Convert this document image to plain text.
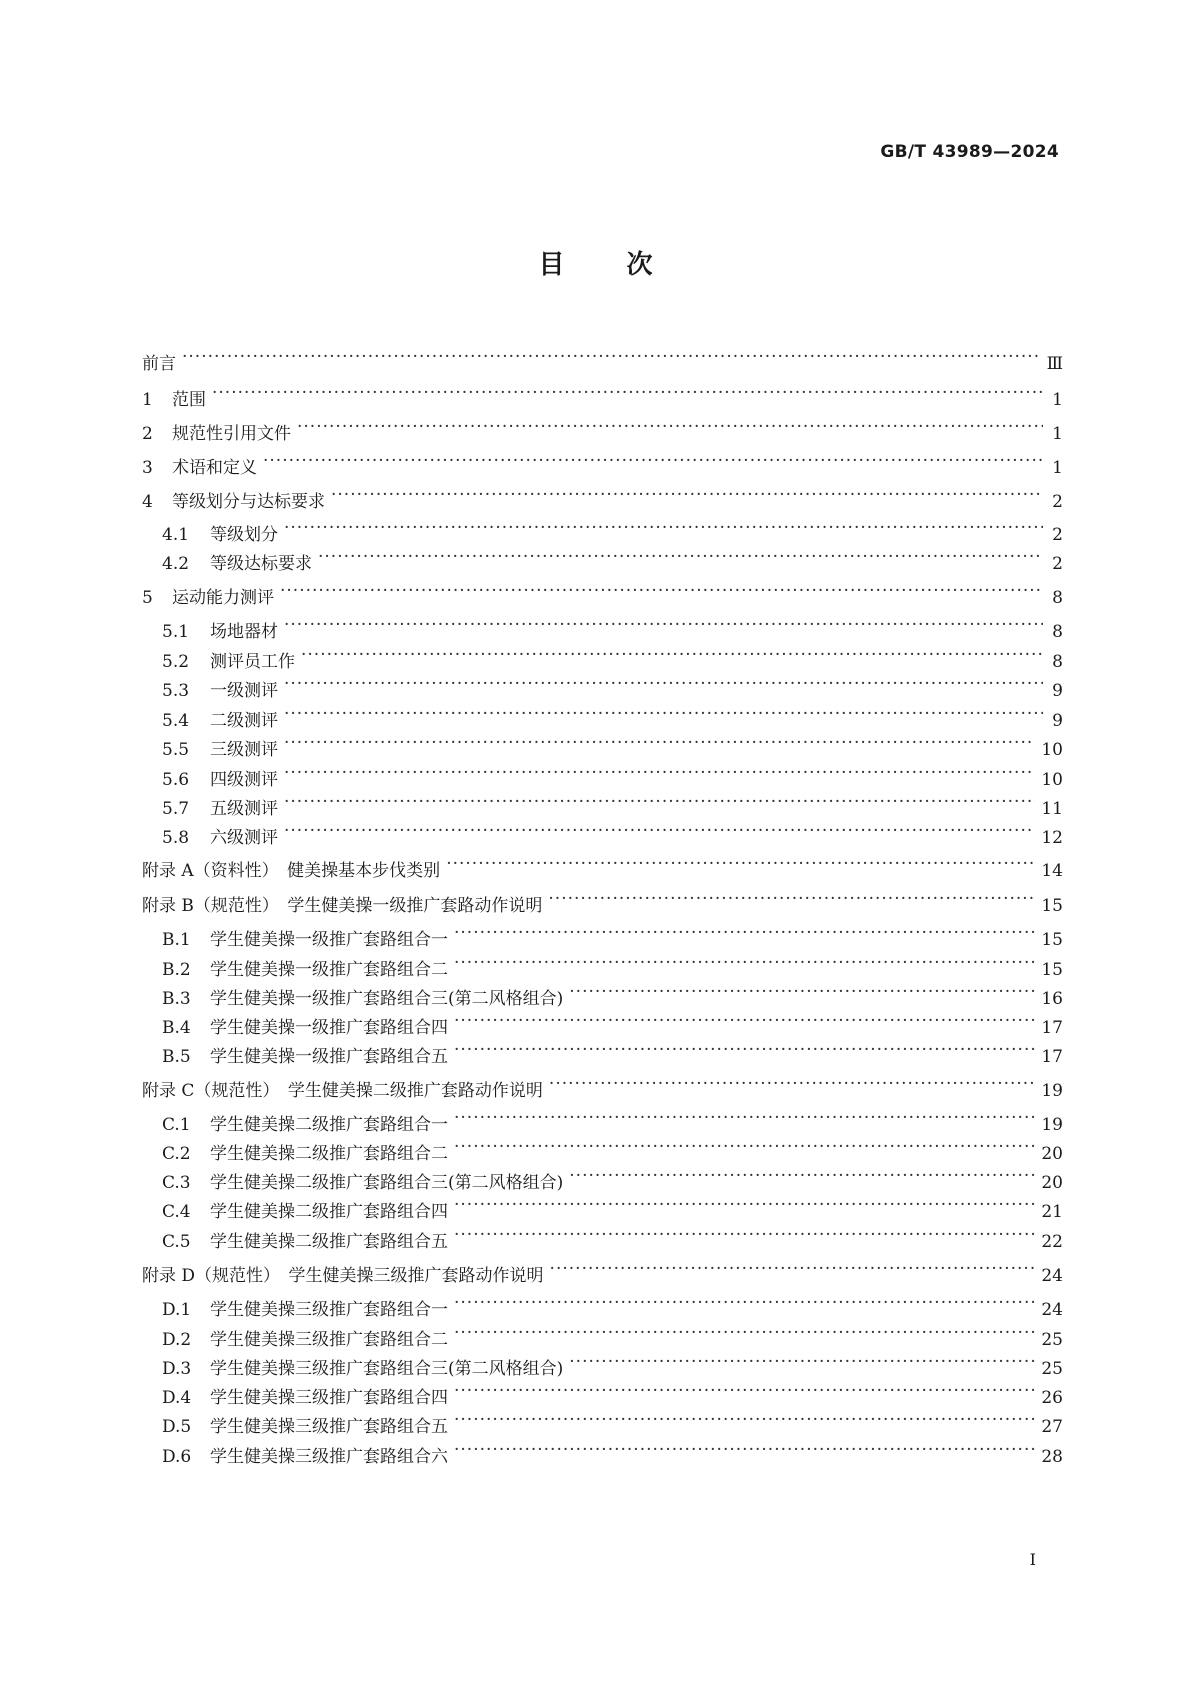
GB/T 43989—2024
目次
前言 ·····	Ⅲ
1	范围 ·····	1
2	规范性引用文件 ·····	1
3	术语和定义 ·····	1
4	等级划分与达标要求 ·····	2
4.1	等级划分 ·····	2
4.2	等级达标要求 ·····	2
5	运动能力测评 ·····	8
5.1	场地器材 ·····	8
5.2	测评员工作 ·····	8
5.3	一级测评 ·····	9
5.4	二级测评 ·····	9
5.5	三级测评 ·····	10
5.6	四级测评 ·····	10
5.7	五级测评 ·····	11
5.8	六级测评 ·····	12
附录 A（资料性）　健美操基本步伐类别 ·····	14
附录 B（规范性）　学生健美操一级推广套路动作说明 ·····	15
B.1	学生健美操一级推广套路组合一 ·····	15
B.2	学生健美操一级推广套路组合二 ·····	15
B.3	学生健美操一级推广套路组合三(第二风格组合) ·····	16
B.4	学生健美操一级推广套路组合四 ·····	17
B.5	学生健美操一级推广套路组合五 ·····	17
附录 C（规范性）　学生健美操二级推广套路动作说明 ·····	19
C.1	学生健美操二级推广套路组合一 ·····	19
C.2	学生健美操二级推广套路组合二 ·····	20
C.3	学生健美操二级推广套路组合三(第二风格组合) ·····	20
C.4	学生健美操二级推广套路组合四 ·····	21
C.5	学生健美操二级推广套路组合五 ·····	22
附录 D（规范性）　学生健美操三级推广套路动作说明 ·····	24
D.1	学生健美操三级推广套路组合一 ·····	24
D.2	学生健美操三级推广套路组合二 ·····	25
D.3	学生健美操三级推广套路组合三(第二风格组合) ·····	25
D.4	学生健美操三级推广套路组合四 ·····	26
D.5	学生健美操三级推广套路组合五 ·····	27
D.6	学生健美操三级推广套路组合六 ·····	28
I
